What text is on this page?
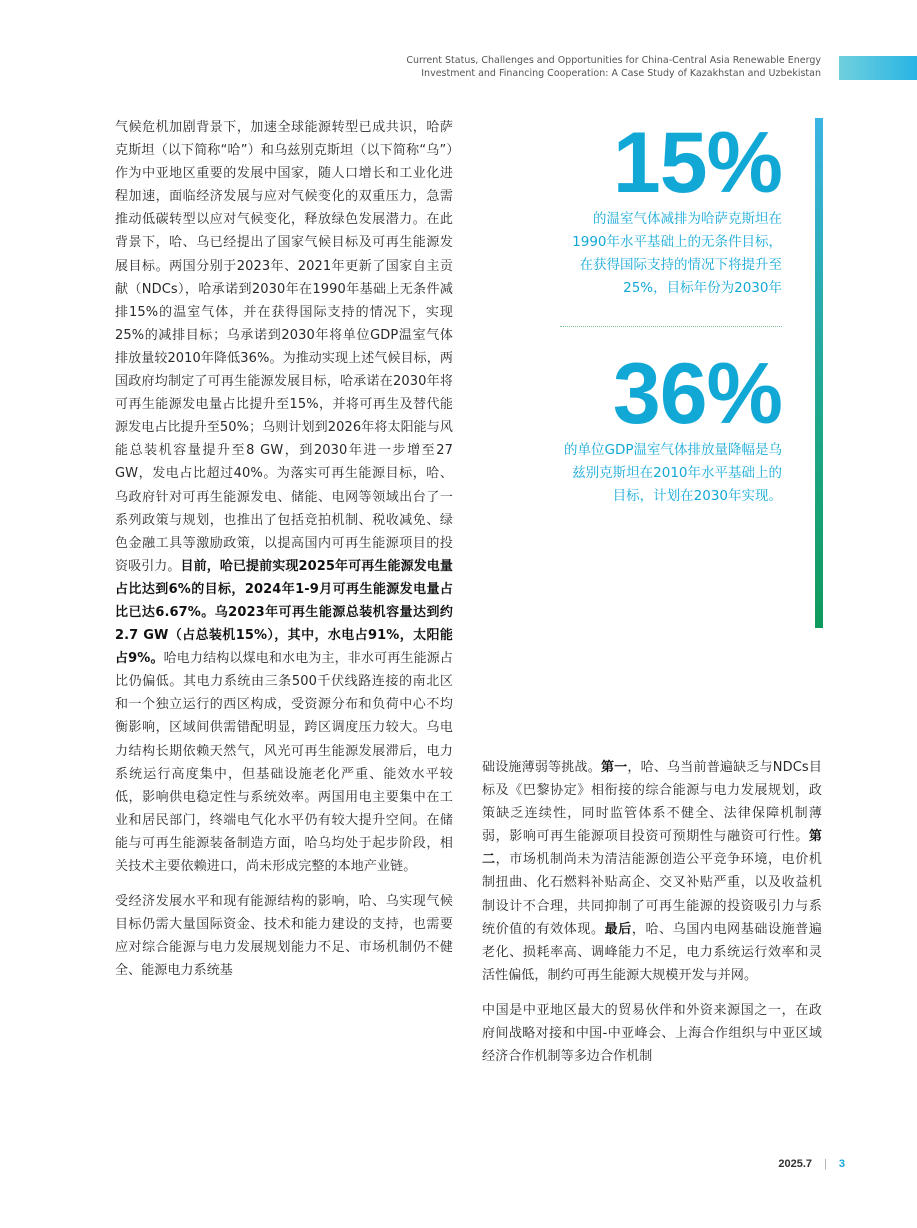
Current Status, Challenges and Opportunities for China-Central Asia Renewable Energy
Investment and Financing Cooperation: A Case Study of Kazakhstan and Uzbekistan

气候危机加剧背景下，加速全球能源转型已成共识，哈萨克斯坦（以下简称“哈”）和乌兹别克斯坦（以下简称“乌”）作为中亚地区重要的发展中国家，随人口增长和工业化进程加速，面临经济发展与应对气候变化的双重压力，急需推动低碳转型以应对气候变化，释放绿色发展潜力。在此背景下，哈、乌已经提出了国家气候目标及可再生能源发展目标。两国分别于2023年、2021年更新了国家自主贡献（NDCs），哈承诺到2030年在1990年基础上无条件减排15%的温室气体，并在获得国际支持的情况下，实现25%的减排目标；乌承诺到2030年将单位GDP温室气体排放量较2010年降低36%。为推动实现上述气候目标，两国政府均制定了可再生能源发展目标，哈承诺在2030年将可再生能源发电量占比提升至15%，并将可再生及替代能源发电占比提升至50%；乌则计划到2026年将太阳能与风能总装机容量提升至8 GW，到2030年进一步增至27 GW，发电占比超过40%。为落实可再生能源目标，哈、乌政府针对可再生能源发电、储能、电网等领域出台了一系列政策与规划，也推出了包括竞拍机制、税收减免、绿色金融工具等激励政策，以提高国内可再生能源项目的投资吸引力。目前，哈已提前实现2025年可再生能源发电量占比达到6%的目标，2024年1-9月可再生能源发电量占比已达6.67%。乌2023年可再生能源总装机容量达到约2.7 GW（占总装机15%），其中，水电占91%，太阳能占9%。哈电力结构以煤电和水电为主，非水可再生能源占比仍偏低。其电力系统由三条500千伏线路连接的南北区和一个独立运行的西区构成，受资源分布和负荷中心不均衡影响，区域间供需错配明显，跨区调度压力较大。乌电力结构长期依赖天然气，风光可再生能源发展滞后，电力系统运行高度集中，但基础设施老化严重、能效水平较低，影响供电稳定性与系统效率。两国用电主要集中在工业和居民部门，终端电气化水平仍有较大提升空间。在储能与可再生能源装备制造方面，哈乌均处于起步阶段，相关技术主要依赖进口，尚未形成完整的本地产业链。

受经济发展水平和现有能源结构的影响，哈、乌实现气候目标仍需大量国际资金、技术和能力建设的支持，也需要应对综合能源与电力发展规划能力不足、市场机制仍不健全、能源电力系统基

15%
的温室气体减排为哈萨克斯坦在1990年水平基础上的无条件目标，在获得国际支持的情况下将提升至25%，目标年份为2030年
36%
的单位GDP温室气体排放量降幅是乌兹别克斯坦在2010年水平基础上的目标，计划在2030年实现。

础设施薄弱等挑战。第一，哈、乌当前普遍缺乏与NDCs目标及《巴黎协定》相衔接的综合能源与电力发展规划，政策缺乏连续性，同时监管体系不健全、法律保障机制薄弱，影响可再生能源项目投资可预期性与融资可行性。第二，市场机制尚未为清洁能源创造公平竞争环境，电价机制扭曲、化石燃料补贴高企、交叉补贴严重，以及收益机制设计不合理，共同抑制了可再生能源的投资吸引力与系统价值的有效体现。最后，哈、乌国内电网基础设施普遍老化、损耗率高、调峰能力不足，电力系统运行效率和灵活性偏低，制约可再生能源大规模开发与并网。

中国是中亚地区最大的贸易伙伴和外资来源国之一，在政府间战略对接和中国-中亚峰会、上海合作组织与中亚区域经济合作机制等多边合作机制

2025.7 | 3
